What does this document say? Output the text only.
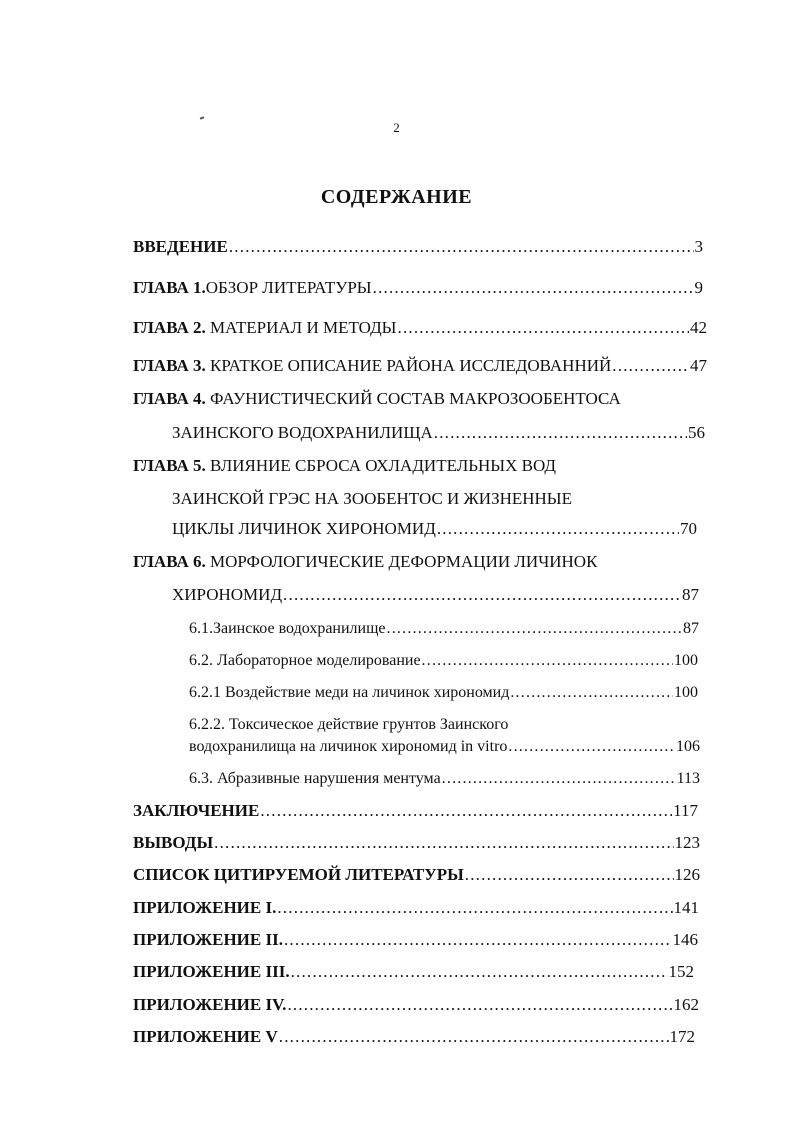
2
СОДЕРЖАНИЕ
ВВЕДЕНИЕ .....	3
ГЛАВА 1.ОБЗОР ЛИТЕРАТУРЫ .....	9
ГЛАВА 2. МАТЕРИАЛ И МЕТОДЫ .....	42
ГЛАВА 3. КРАТКОЕ ОПИСАНИЕ РАЙОНА ИССЛЕДОВАННИЙ .....	47
ГЛАВА 4. ФАУНИСТИЧЕСКИЙ СОСТАВ МАКРОЗООБЕНТОСА
ЗАИНСКОГО ВОДОХРАНИЛИЩА .....	56
ГЛАВА 5. ВЛИЯНИЕ СБРОСА ОХЛАДИТЕЛЬНЫХ ВОД
ЗАИНСКОЙ ГРЭС НА ЗООБЕНТОС И ЖИЗНЕННЫЕ
ЦИКЛЫ ЛИЧИНОК ХИРОНОМИД .....	70
ГЛАВА 6. МОРФОЛОГИЧЕСКИЕ ДЕФОРМАЦИИ ЛИЧИНОК
ХИРОНОМИД .....	87
6.1.Заинское водохранилище .....	87
6.2. Лабораторное моделирование .....	100
6.2.1 Воздействие меди на личинок хирономид .....	100
6.2.2. Токсическое действие грунтов Заинского
водохранилища на личинок хирономид in vitro .....	106
6.3. Абразивные нарушения ментума .....	113
ЗАКЛЮЧЕНИЕ .....	117
ВЫВОДЫ .....	123
СПИСОК ЦИТИРУЕМОЙ ЛИТЕРАТУРЫ .....	126
ПРИЛОЖЕНИЕ I. .....	141
ПРИЛОЖЕНИЕ II. .....	146
ПРИЛОЖЕНИЕ III. .....	152
ПРИЛОЖЕНИЕ IV. .....	162
ПРИЛОЖЕНИЕ V .....	172
